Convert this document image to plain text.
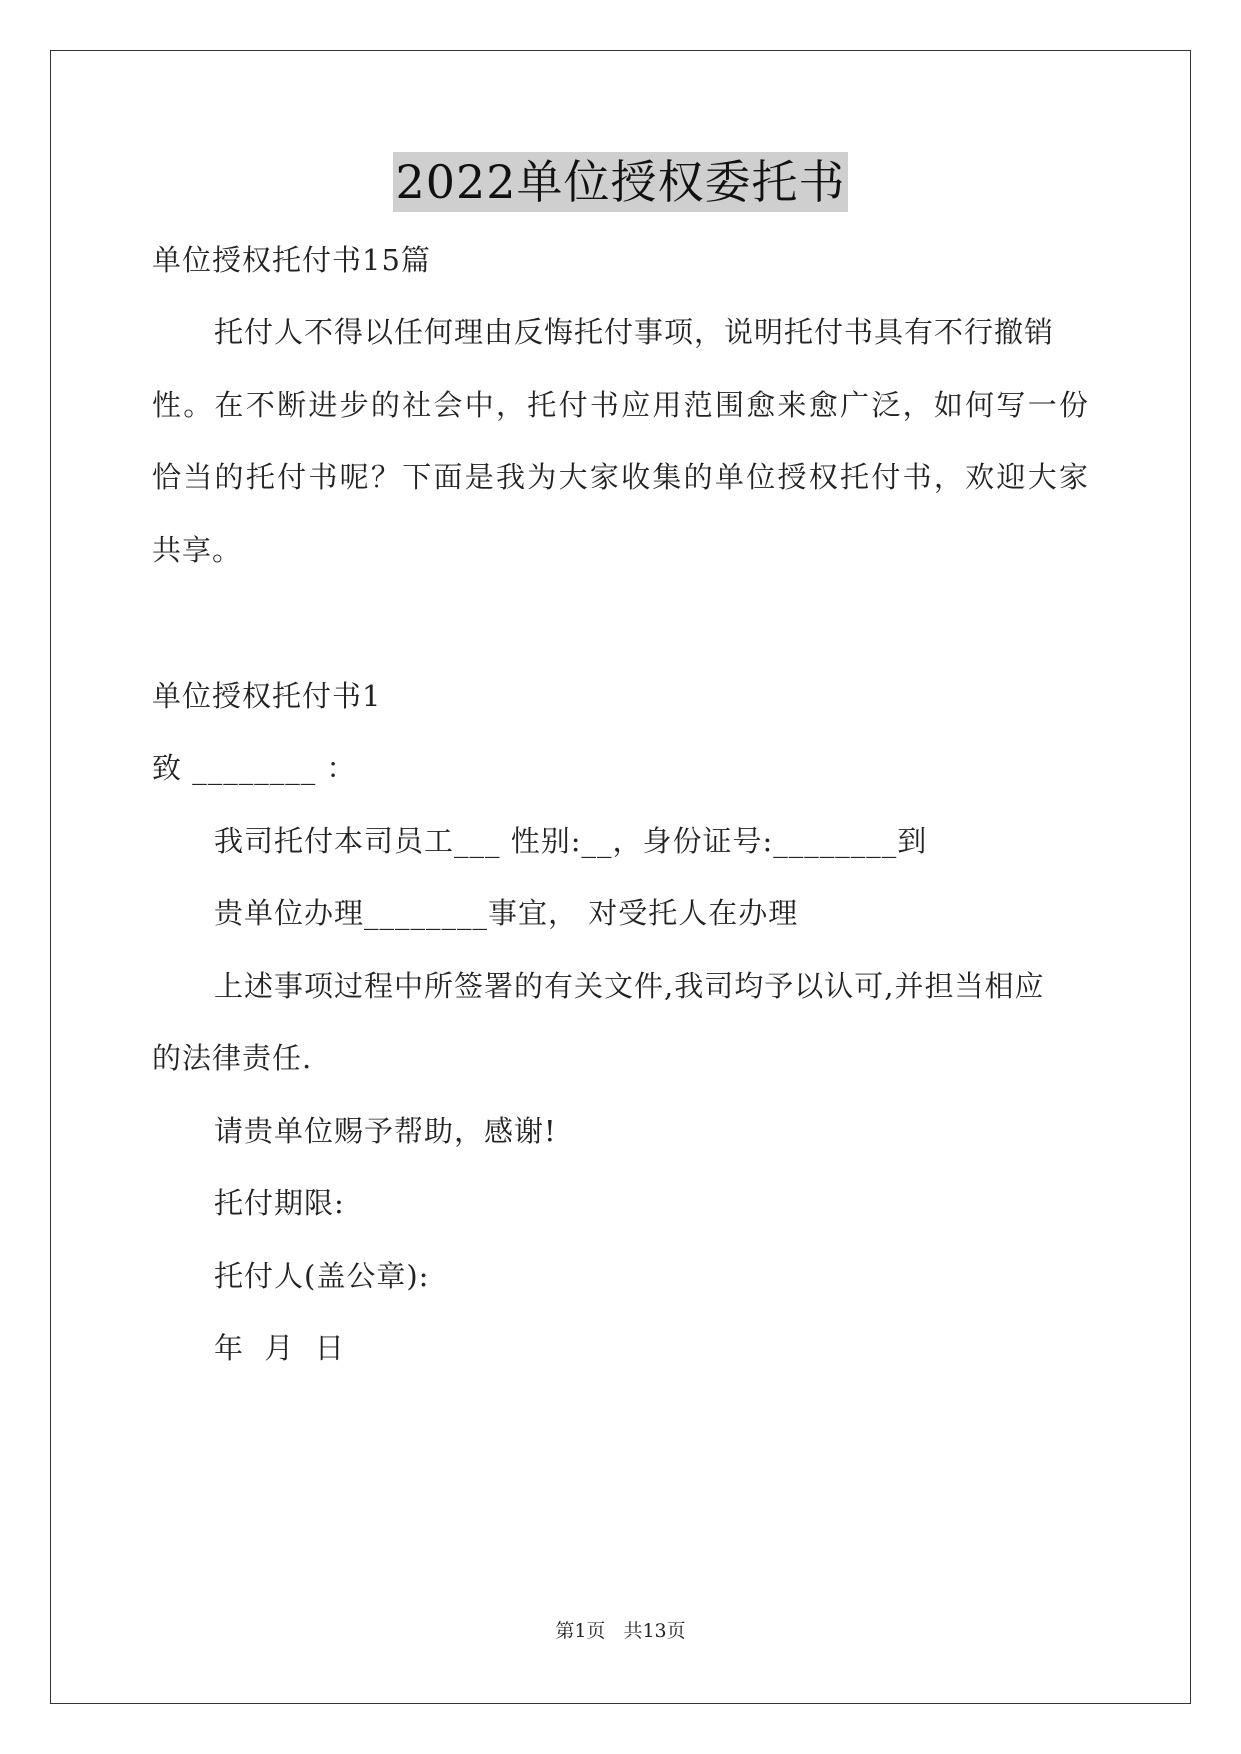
2022单位授权委托书
单位授权托付书15篇
托付人不得以任何理由反悔托付事项，说明托付书具有不行撤销
性。在不断进步的社会中，托付书应用范围愈来愈广泛，如何写一份
恰当的托付书呢？下面是我为大家收集的单位授权托付书，欢迎大家
共享。
单位授权托付书1
致 ________ ：
我司托付本司员工___ 性别:__，身份证号:________到
贵单位办理________事宜， 对受托人在办理
上述事项过程中所签署的有关文件,我司均予以认可,并担当相应
的法律责任.
请贵单位赐予帮助，感谢!
托付期限:
托付人(盖公章):
年  月  日
第1页 共13页
